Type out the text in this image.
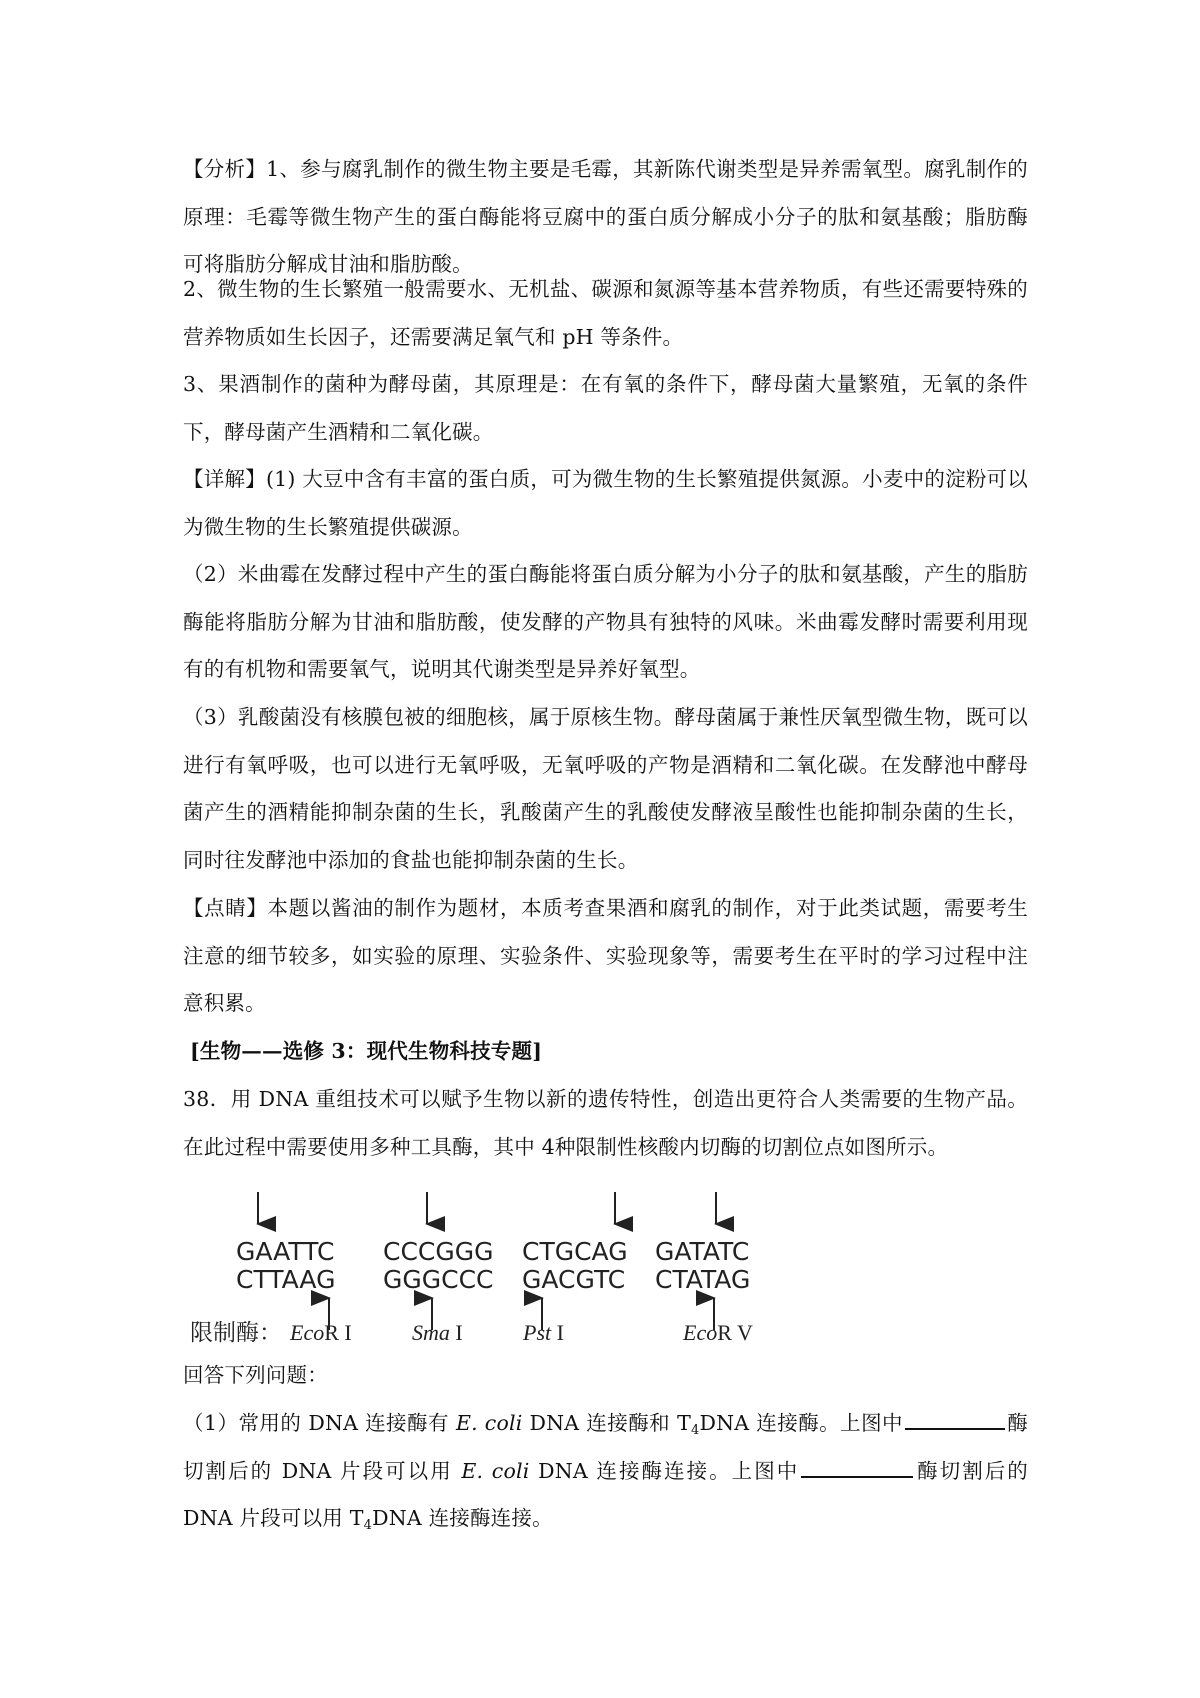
【分析】1、参与腐乳制作的微生物主要是毛霉，其新陈代谢类型是异养需氧型。腐乳制作的原理：毛霉等微生物产生的蛋白酶能将豆腐中的蛋白质分解成小分子的肽和氨基酸；脂肪酶可将脂肪分解成甘油和脂肪酸。

2、微生物的生长繁殖一般需要水、无机盐、碳源和氮源等基本营养物质，有些还需要特殊的营养物质如生长因子，还需要满足氧气和 pH 等条件。

3、果酒制作的菌种为酵母菌，其原理是：在有氧的条件下，酵母菌大量繁殖，无氧的条件下，酵母菌产生酒精和二氧化碳。

【详解】(1) 大豆中含有丰富的蛋白质，可为微生物的生长繁殖提供氮源。小麦中的淀粉可以为微生物的生长繁殖提供碳源。

（2）米曲霉在发酵过程中产生的蛋白酶能将蛋白质分解为小分子的肽和氨基酸，产生的脂肪酶能将脂肪分解为甘油和脂肪酸，使发酵的产物具有独特的风味。米曲霉发酵时需要利用现有的有机物和需要氧气，说明其代谢类型是异养好氧型。

（3）乳酸菌没有核膜包被的细胞核，属于原核生物。酵母菌属于兼性厌氧型微生物，既可以进行有氧呼吸，也可以进行无氧呼吸，无氧呼吸的产物是酒精和二氧化碳。在发酵池中酵母菌产生的酒精能抑制杂菌的生长，乳酸菌产生的乳酸使发酵液呈酸性也能抑制杂菌的生长，同时往发酵池中添加的食盐也能抑制杂菌的生长。

【点睛】本题以酱油的制作为题材，本质考查果酒和腐乳的制作，对于此类试题，需要考生注意的细节较多，如实验的原理、实验条件、实验现象等，需要考生在平时的学习过程中注意积累。

[生物——选修 3：现代生物科技专题]

38．用 DNA 重组技术可以赋予生物以新的遗传特性，创造出更符合人类需要的生物产品。在此过程中需要使用多种工具酶，其中 4种限制性核酸内切酶的切割位点如图所示。

GAATTC
CTTAAG
CCCGGG
GGGCCC
CTGCAG
GACGTC
GATATC
CTATAG
限制酶： EcoR I	Sma I	Pst I	EcoR V

回答下列问题：

（1）常用的 DNA 连接酶有 E. coli DNA 连接酶和 $T_4DNA$ 连接酶。上图中	酶切割后的 DNA 片段可以用 E. coli DNA 连接酶连接。上图中	酶切割后的 DNA 片段可以用 $T_4DNA$ 连接酶连接。
